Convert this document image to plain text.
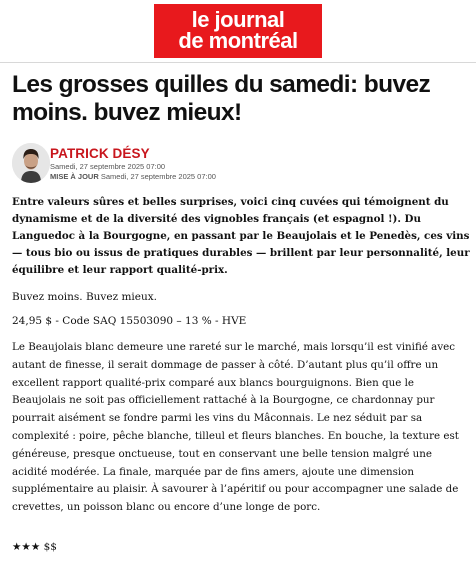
le journal
de montréal
Les grosses quilles du samedi: buvez moins. buvez mieux!
PATRICK DÉSY
Samedi, 27 septembre 2025 07:00
MISE À JOUR Samedi, 27 septembre 2025 07:00

Entre valeurs sûres et belles surprises, voici cinq cuvées qui témoignent du dynamisme et de la diversité des vignobles français (et espagnol !). Du Languedoc à la Bourgogne, en passant par le Beaujolais et le Penedès, ces vins — tous bio ou issus de pratiques durables — brillent par leur personnalité, leur équilibre et leur rapport qualité-prix.

Buvez moins. Buvez mieux.

24,95 $ - Code SAQ 15503090 – 13 % - HVE

Le Beaujolais blanc demeure une rareté sur le marché, mais lorsqu’il est vinifié avec autant de finesse, il serait dommage de passer à côté. D’autant plus qu’il offre un excellent rapport qualité-prix comparé aux blancs bourguignons. Bien que le Beaujolais ne soit pas officiellement rattaché à la Bourgogne, ce chardonnay pur pourrait aisément se fondre parmi les vins du Mâconnais. Le nez séduit par sa complexité : poire, pêche blanche, tilleul et fleurs blanches. En bouche, la texture est généreuse, presque onctueuse, tout en conservant une belle tension malgré une acidité modérée. La finale, marquée par de fins amers, ajoute une dimension supplémentaire au plaisir. À savourer à l’apéritif ou pour accompagner une salade de crevettes, un poisson blanc ou encore d’une longe de porc.

★★★ $$
